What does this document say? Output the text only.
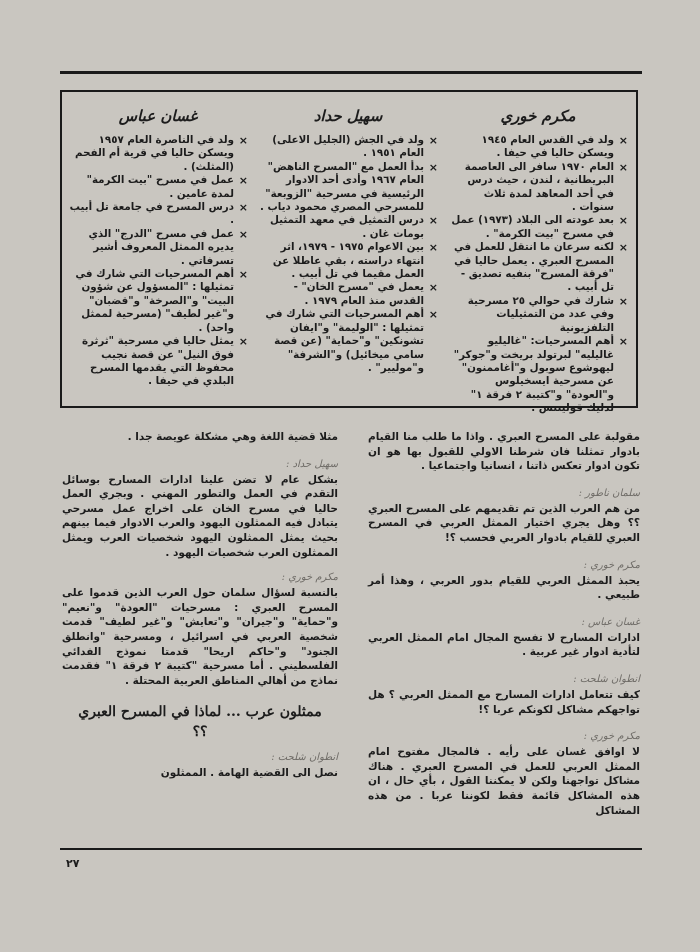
مكرم خوري
× ولد في القدس العام ١٩٤٥ ويسكن حاليا في حيفا .
× العام ١٩٧٠ سافر الى العاصمة البريطانية ، لندن ، حيث درس في أحد المعاهد لمدة ثلاث سنوات .
× بعد عودته الى البلاد (١٩٧٣) عمل في مسرح "بيت الكرمة" .
× لكنه سرعان ما انتقل للعمل في المسرح العبري . يعمل حاليا في "فرقة المسرح" بنفيه تصديق - تل أبيب .
× شارك في حوالي ٢٥ مسرحية وفي عدد من التمثيليات التلفزيونية
× أهم المسرحيات: "غاليليو غاليليه" لبرتولد بريخت و"جوكر" ليهوشوع سوبول و"أغاممنون" عن مسرحية ايسخيلوس و"العودة" و"كتيبة ٢ فرقة ١" لدليك قولينتس .
سهيل حداد
× ولد في الجش (الجليل الاعلى) العام ١٩٥١ .
× بدأ العمل مع "المسرح الناهض" العام ١٩٦٧ وأدى أحد الادوار الرئيسية في مسرحية "الزوبعة" للمسرحي المصري محمود دياب .
× درس التمثيل في معهد التمثيل بومات غان .
× بين الاعوام ١٩٧٥ - ١٩٧٩، اثر انتهاء دراسته ، بقي عاطلا عن العمل مقيما في تل أبيب .
× يعمل في "مسرح الخان" - القدس منذ العام ١٩٧٩ .
× أهم المسرحيات التي شارك في تمثيلها : "الوليمة" و"ايفان تشونكين" و"حماية" (عن قصة سامي ميخائيل) و"الشرفة" و"موليير" .
غسان عباس
× ولد في الناصرة العام ١٩٥٧ ويسكن حاليا في قرية أم الفحم (المثلث) .
× عمل في مسرح "بيت الكرمة" لمدة عامين .
× درس المسرح في جامعة تل أبيب .
× عمل في مسرح "الدرج" الذي يديره الممثل المعروف أشير تسرفاتي .
× أهم المسرحيات التي شارك في تمثيلها : "المسؤول عن شؤون البيت" و"الصرخة" و"قضبان" و"غير لطيف" (مسرحية لممثل واحد) .
× يمثل حاليا في مسرحية "ثرثرة فوق النيل" عن قصة نجيب محفوظ التي يقدمها المسرح البلدي في حيفا .
مقولبة على المسرح العبري . واذا ما طلب منا القيام بادوار تمثلنا فان شرطنا الاولي للقبول بها هو ان تكون ادوار تعكس ذاتنا ، انسانيا واجتماعيا .
سلمان ناطور :
من هم العرب الذين تم تقديمهم على المسرح العبري ؟؟ وهل يجري اختيار الممثل العربي في المسرح العبري للقيام بادوار العربي فحسب ؟!
مكرم خوري :
يحبذ الممثل العربي للقيام بدور العربي ، وهذا أمر طبيعي .
غسان عباس :
ادارات المسارح لا تفسح المجال امام الممثل العربي لتأدية ادوار غير عربية .
انطوان شلحت :
كيف تتعامل ادارات المسارح مع الممثل العربي ؟ هل تواجهكم مشاكل لكونكم عربا ؟!
مكرم خوري :
لا اوافق غسان على رأيه . فالمجال مفتوح امام الممثل العربي للعمل في المسرح العبري . هناك مشاكل تواجهنا ولكن لا يمكننا القول ، بأي حال ، ان هذه المشاكل قائمة فقط لكوننا عربا . من هذه المشاكل
مثلا قضية اللغة وهي مشكلة عويصة جدا .
سهيل حداد :
بشكل عام لا تضن علينا ادارات المسارح بوسائل التقدم في العمل والتطور المهني . وبجري العمل حاليا في مسرح الخان على اخراج عمل مسرحي يتبادل فيه الممثلون اليهود والعرب الادوار فيما بينهم بحيث يمثل الممثلون اليهود شخصيات العرب ويمثل الممثلون العرب شخصيات اليهود .
مكرم خوري :
بالنسبة لسؤال سلمان حول العرب الذين قدموا على المسرح العبري : مسرحيات "العودة" و"نعيم" و"حماية" و"جيران" و"تعايش" و"غير لطيف" قدمت شخصية العربي في اسرائيل ، ومسرحية "وانطلق الجنود" و"حاكم اريحا" قدمتا نموذج الفدائي الفلسطيني . أما مسرحية "كتيبة ٢ فرقة ١" فقدمت نماذج من أهالي المناطق العربية المحتلة .
ممثلون عرب ... لماذا في المسرح العبري ؟؟
انطوان شلحت :
نصل الى القضية الهامة . الممثلون
٢٧
